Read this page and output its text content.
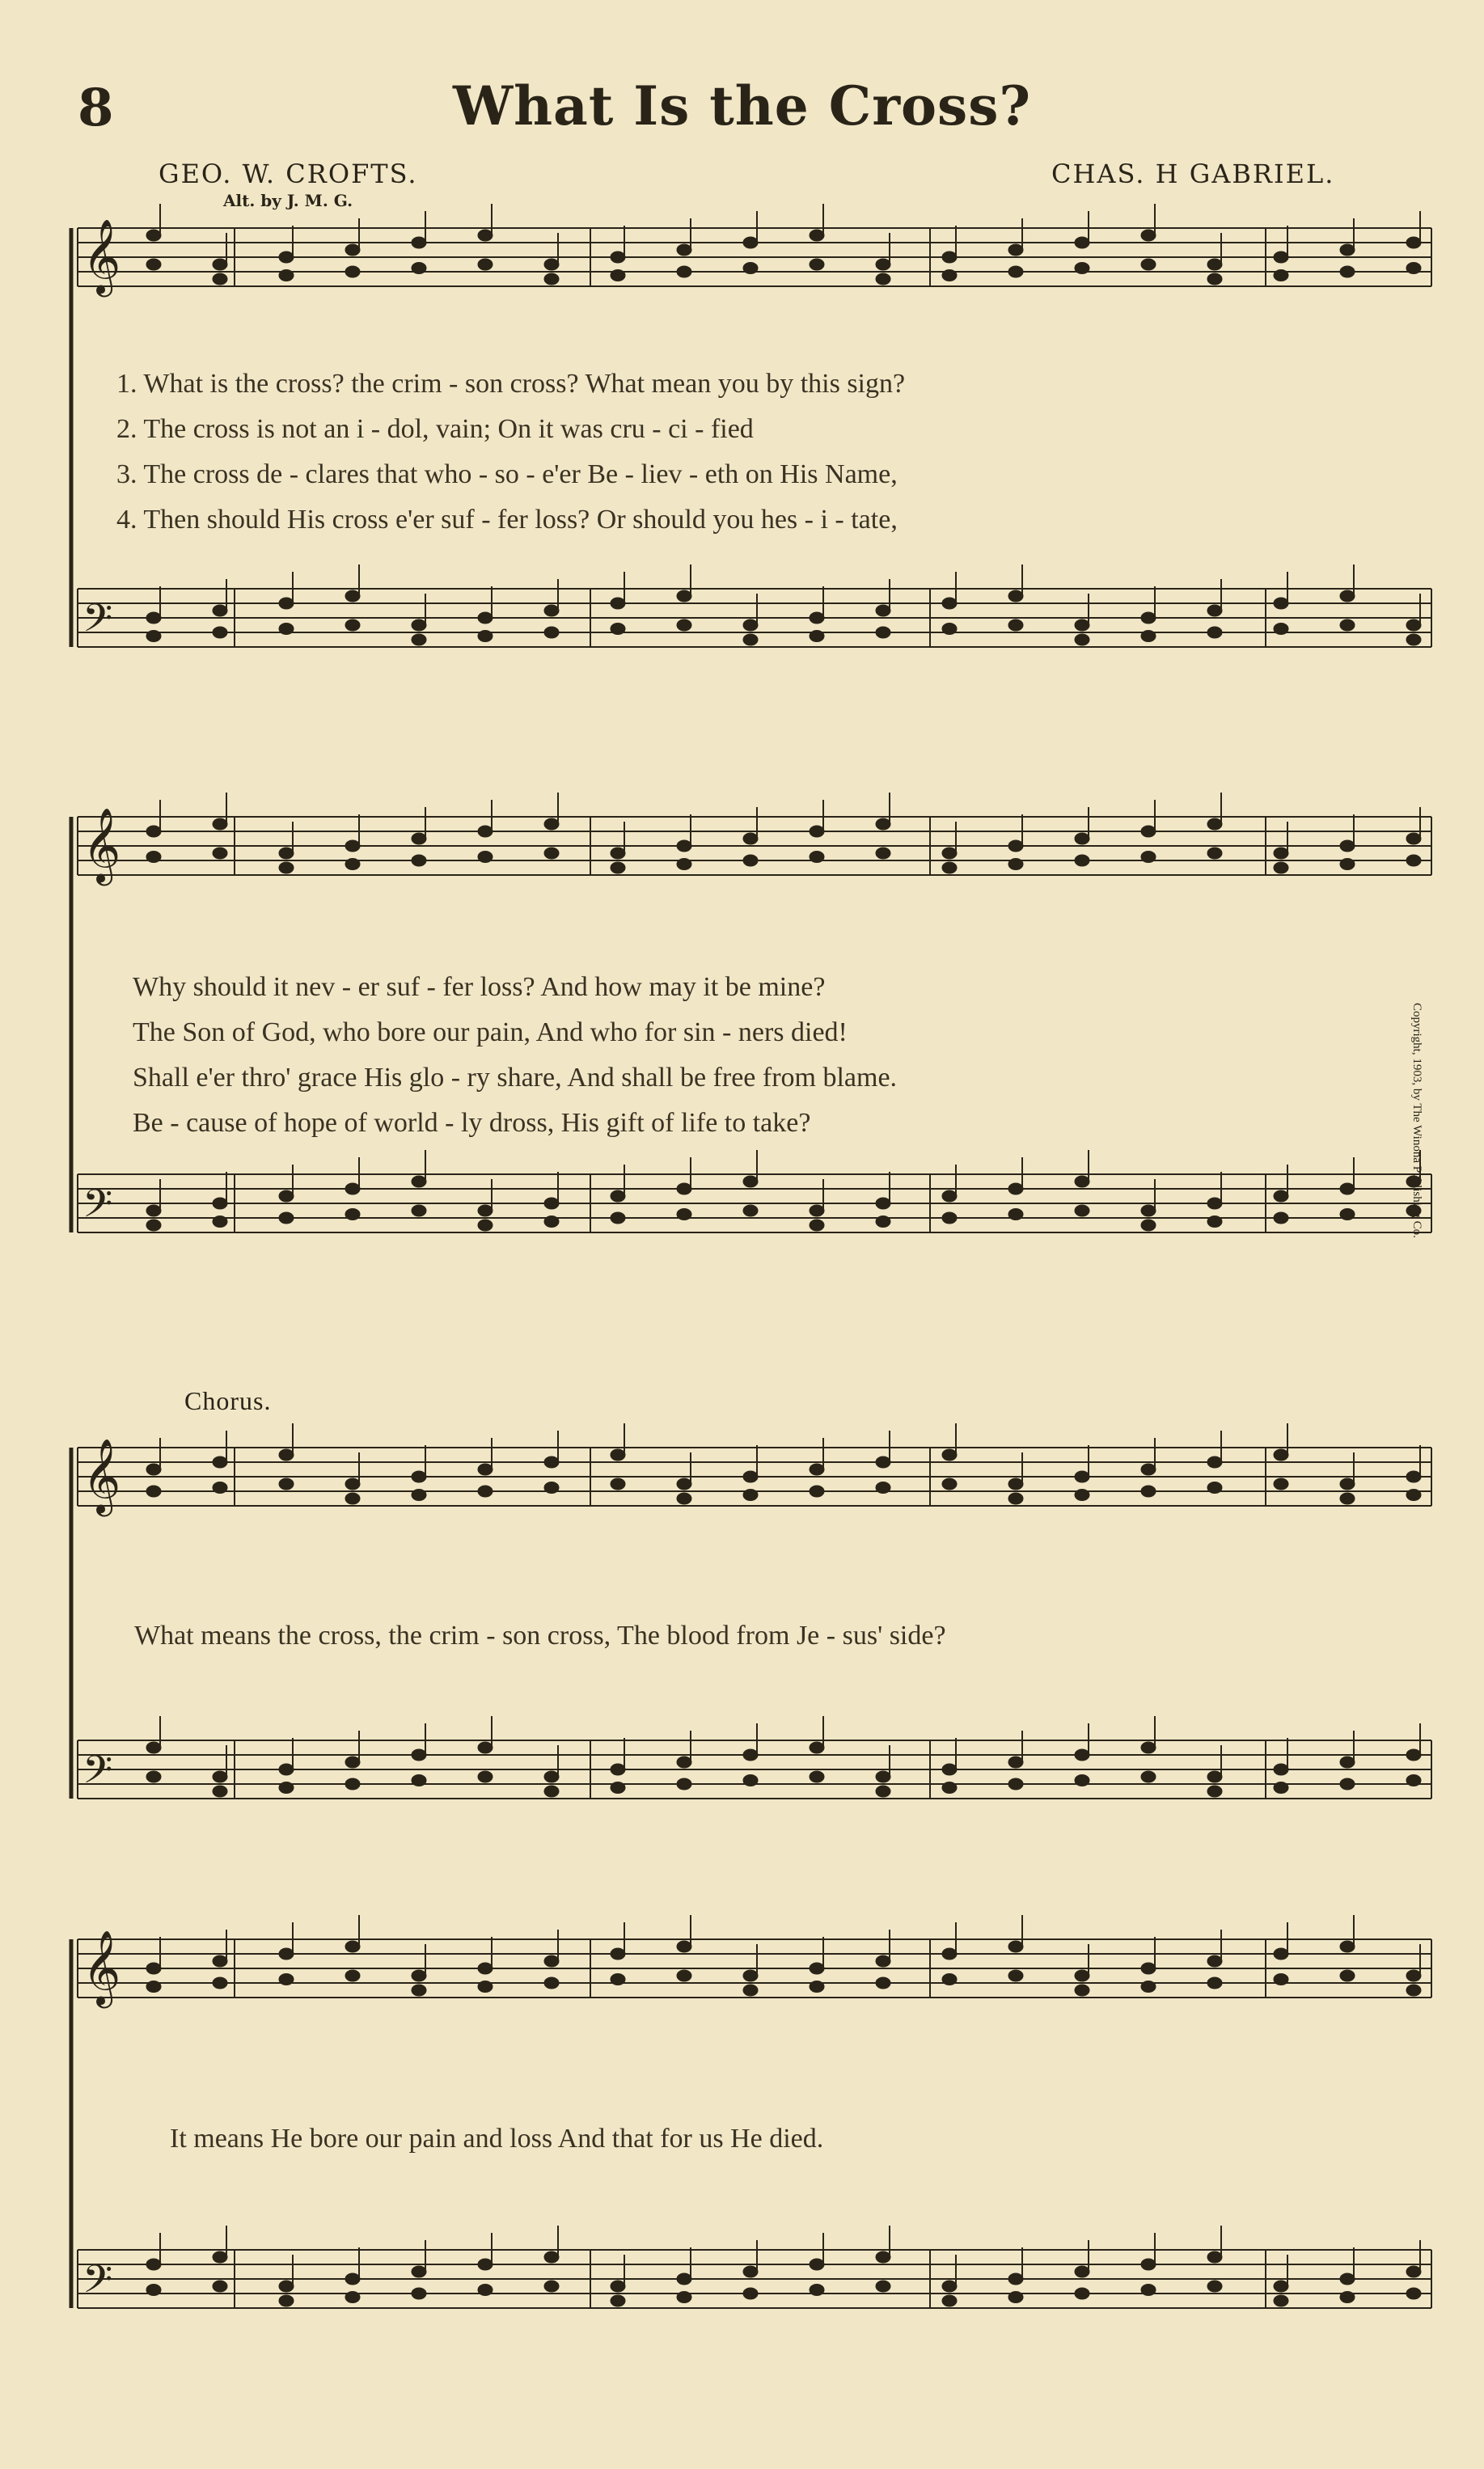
8	What Is the Cross?
GEO. W. CROFTS.
Alt. by J. M. G.
CHAS. H GABRIEL.
𝄞
𝄢
𝄞
𝄢
𝄞
𝄢
𝄞
𝄢
1. What is the cross? the crim - son cross? What mean you by this sign?
2. The cross is not an i - dol, vain; On it was cru - ci - fied
3. The cross de - clares that who - so - e'er Be - liev - eth on His Name,
4. Then should His cross e'er suf - fer loss? Or should you hes - i - tate,
Why should it nev - er suf - fer loss? And how may it be mine?
The Son of God, who bore our pain, And who for sin - ners died!
Shall e'er thro' grace His glo - ry share, And shall be free from blame.
Be - cause of hope of world - ly dross, His gift of life to take?
Chorus.
What means the cross, the crim - son cross, The blood from Je - sus' side?
It means He bore our pain and loss And that for us He died.
Copyright, 1903, by The Winona Publishing Co.
